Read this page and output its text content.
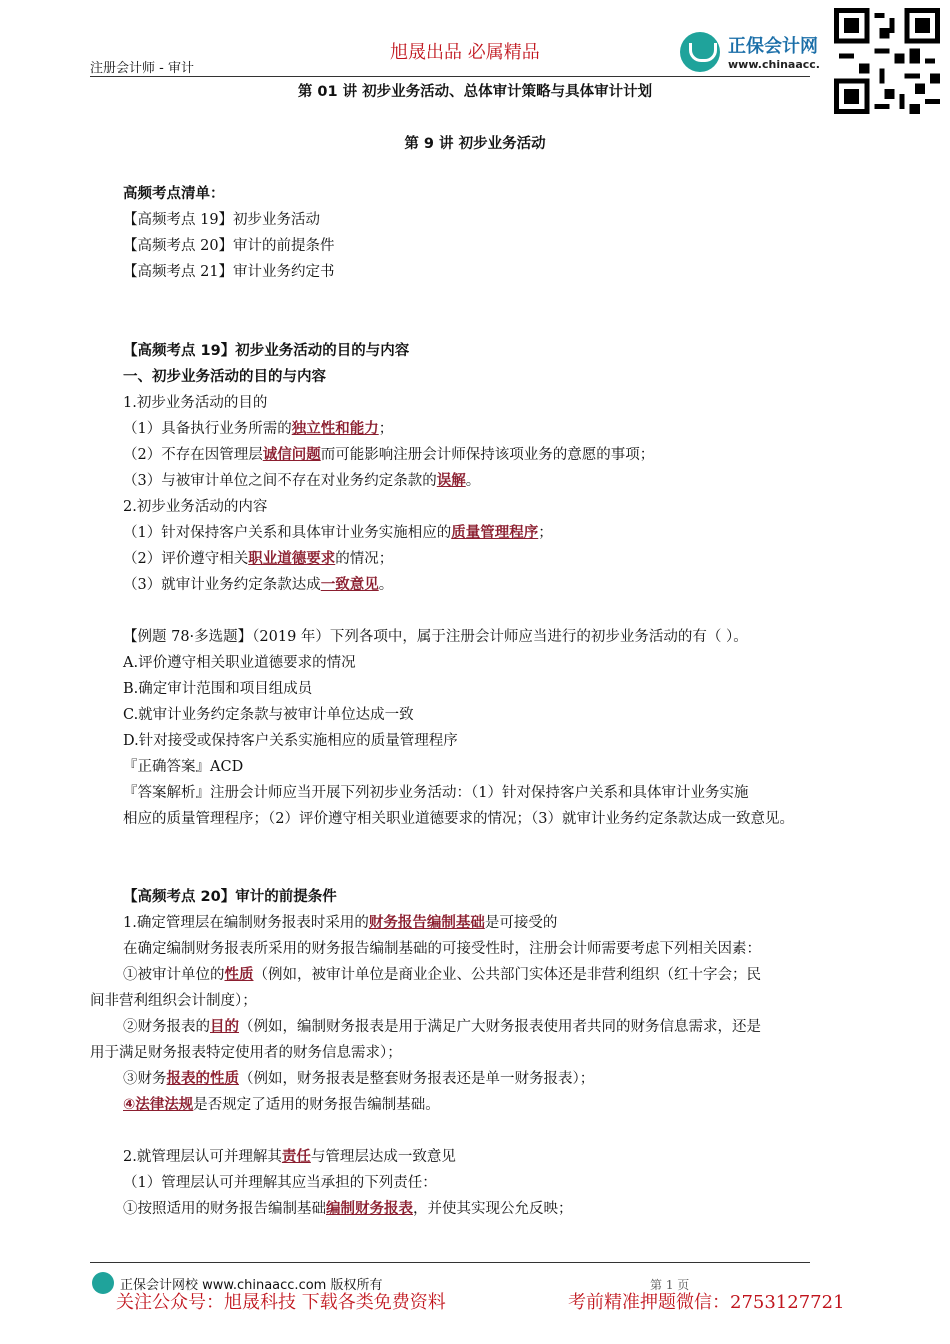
注册会计师 - 审计
旭晟出品 必属精品	正保会计网
www.chinaacc.
第 01 讲 初步业务活动、总体审计策略与具体审计计划
第 9 讲 初步业务活动
高频考点清单：
【高频考点 19】初步业务活动
【高频考点 20】审计的前提条件
【高频考点 21】审计业务约定书
【高频考点 19】初步业务活动的目的与内容
一、初步业务活动的目的与内容
1.初步业务活动的目的
（1）具备执行业务所需的独立性和能力；
（2）不存在因管理层诚信问题而可能影响注册会计师保持该项业务的意愿的事项；
（3）与被审计单位之间不存在对业务约定条款的误解。
2.初步业务活动的内容
（1）针对保持客户关系和具体审计业务实施相应的质量管理程序；
（2）评价遵守相关职业道德要求的情况；
（3）就审计业务约定条款达成一致意见。
【例题 78·多选题】（2019 年）下列各项中，属于注册会计师应当进行的初步业务活动的有（ ）。
A.评价遵守相关职业道德要求的情况
B.确定审计范围和项目组成员
C.就审计业务约定条款与被审计单位达成一致
D.针对接受或保持客户关系实施相应的质量管理程序
『正确答案』ACD
『答案解析』注册会计师应当开展下列初步业务活动：（1）针对保持客户关系和具体审计业务实施
相应的质量管理程序；（2）评价遵守相关职业道德要求的情况；（3）就审计业务约定条款达成一致意见。
【高频考点 20】审计的前提条件
1.确定管理层在编制财务报表时采用的财务报告编制基础是可接受的
在确定编制财务报表所采用的财务报告编制基础的可接受性时，注册会计师需要考虑下列相关因素：
①被审计单位的性质（例如，被审计单位是商业企业、公共部门实体还是非营利组织（红十字会；民
间非营利组织会计制度）；
②财务报表的目的（例如，编制财务报表是用于满足广大财务报表使用者共同的财务信息需求，还是
用于满足财务报表特定使用者的财务信息需求）；
③财务报表的性质（例如，财务报表是整套财务报表还是单一财务报表）；
④法律法规是否规定了适用的财务报告编制基础。
2.就管理层认可并理解其责任与管理层达成一致意见
（1）管理层认可并理解其应当承担的下列责任：
①按照适用的财务报告编制基础编制财务报表，并使其实现公允反映；
正保会计网校 www.chinaacc.com 版权所有	第 1 页
关注公众号：旭晟科技 下载各类免费资料	考前精准押题微信：2753127721
